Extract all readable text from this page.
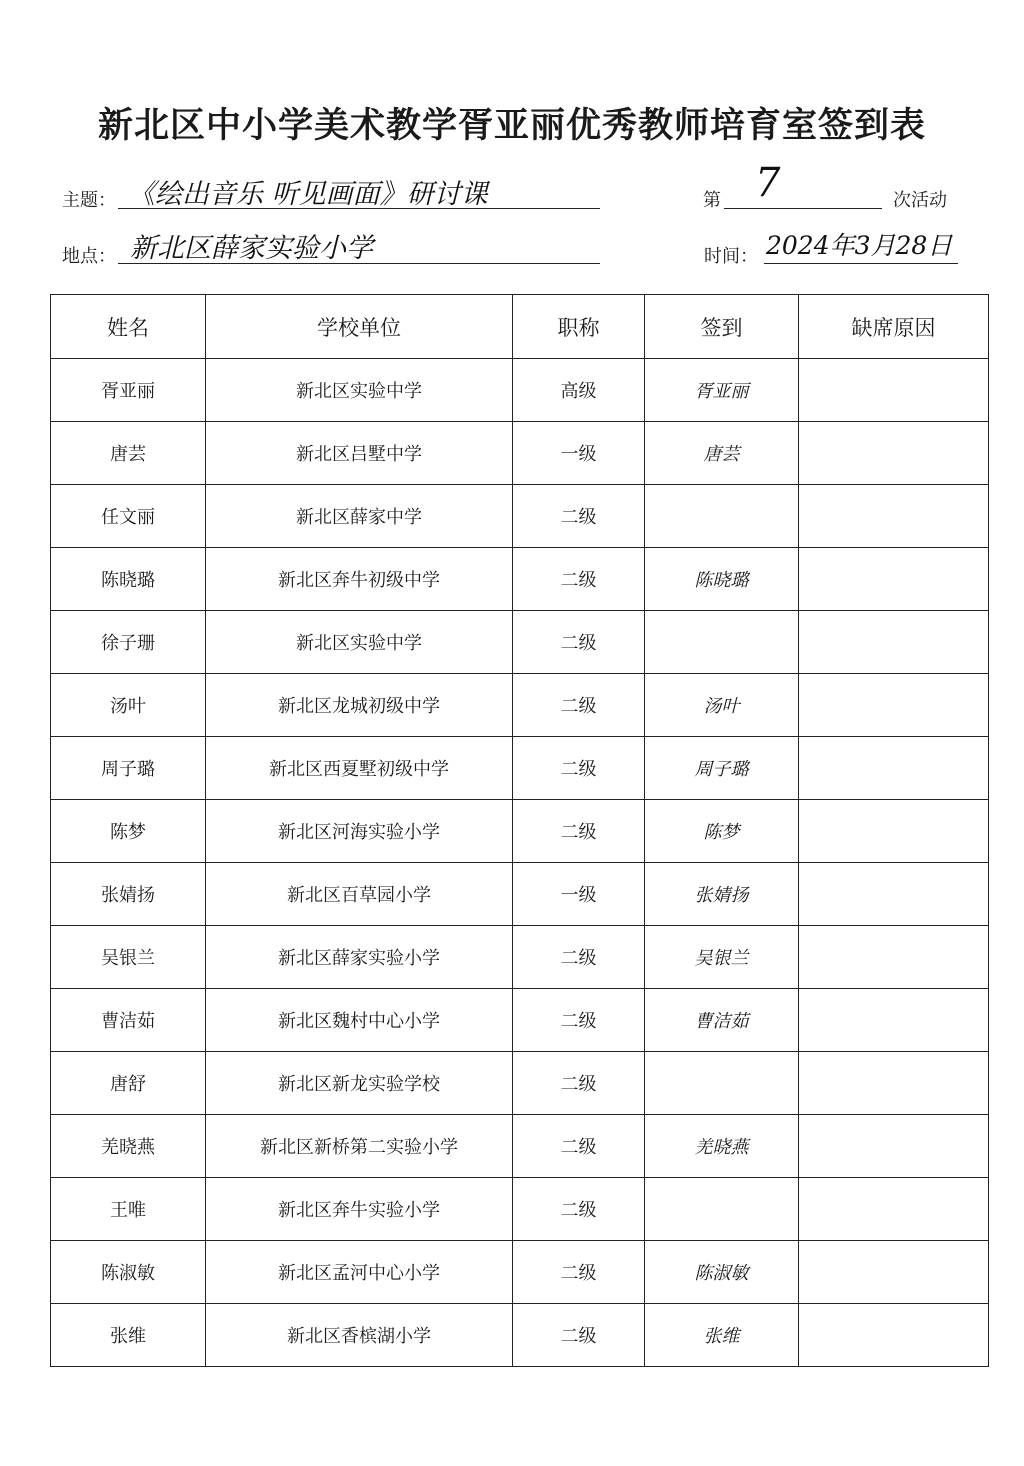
新北区中小学美术教学胥亚丽优秀教师培育室签到表
主题： 《绘出音乐 听见画面》研讨课	第 7	次活动
地点： 新北区薛家实验小学	时间： 2024年3月28日
姓名	学校单位	职称	签到	缺席原因
胥亚丽	新北区实验中学	高级	胥亚丽	
唐芸	新北区吕墅中学	一级	唐芸	
任文丽	新北区薛家中学	二级		
陈晓璐	新北区奔牛初级中学	二级	陈晓璐	
徐子珊	新北区实验中学	二级		
汤叶	新北区龙城初级中学	二级	汤叶	
周子璐	新北区西夏墅初级中学	二级	周子璐	
陈梦	新北区河海实验小学	二级	陈梦	
张婧扬	新北区百草园小学	一级	张婧扬	
吴银兰	新北区薛家实验小学	二级	吴银兰	
曹洁茹	新北区魏村中心小学	二级	曹洁茹	
唐舒	新北区新龙实验学校	二级		
羌晓燕	新北区新桥第二实验小学	二级	羌晓燕	
王唯	新北区奔牛实验小学	二级		
陈淑敏	新北区孟河中心小学	二级	陈淑敏	
张维	新北区香槟湖小学	二级	张维	
